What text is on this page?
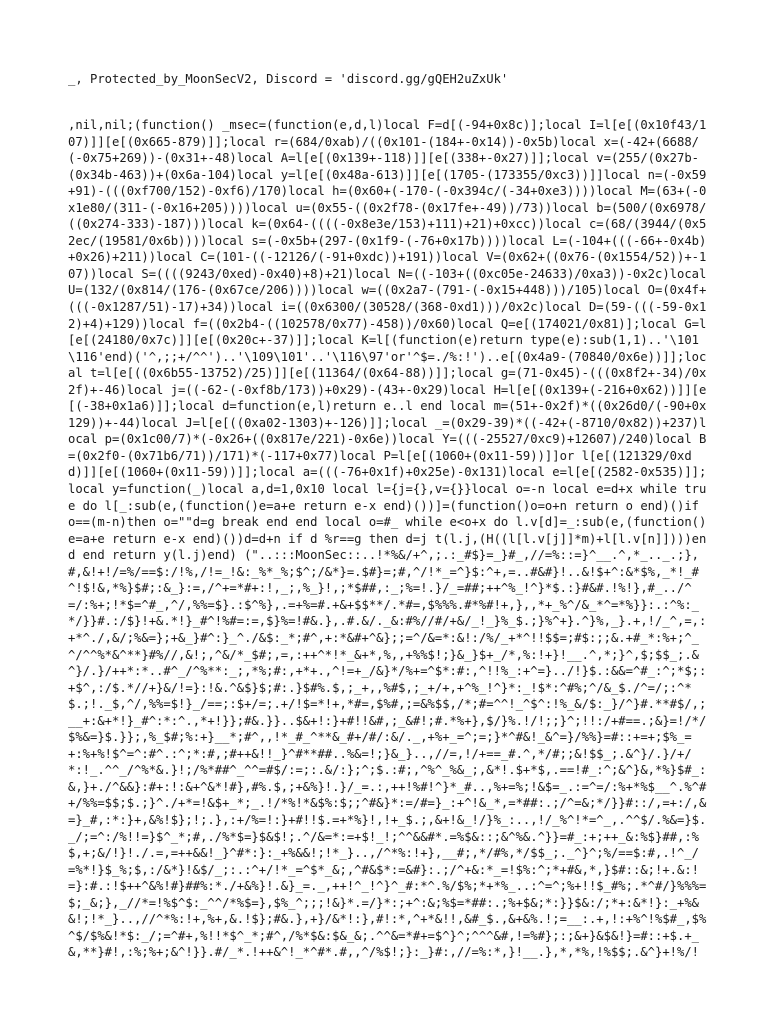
_, Protected_by_MoonSecV2, Discord = 'discord.gg/gQEH2uZxUk'
,nil,nil;(function() _msec=(function(e,d,l)local F=d[(-94+0x8c)];local I=l[e[(0x10f43/107)]][e[(0x665-879)]];local r=(684/0xab)/((0x101-(184+-0x14))-0x5b)local x=(-42+(6688/(-0x75+269))-(0x31+-48)local A=l[e[(0x139+-118)]][e[(338+-0x27)]];local v=(255/(0x27b-(0x34b-463))+(0x6a-104)local y=l[e[(0x48a-613)]][e[(1705-(173355/0xc3))]]local n=(-0x59+91)-(((0xf700/152)-0xf6)/170)local h=(0x60+(-170-(-0x394c/(-34+0xe3))))local M=(63+(-0x1e80/(311-(-0x16+205))))local u=(0x55-((0x2f78-(0x17fe+-49))/73))local b=(500/(0x6978/((0x274-333)-187)))local k=(0x64-((((-0x8e3e/153)+111)+21)+0xcc))local c=(68/(3944/(0x52ec/(19581/0x6b))))local s=(-0x5b+(297-(0x1f9-(-76+0x17b))))local L=(-104+(((-66+-0x4b)+0x26)+211))local C=(101-((-12126/(-91+0xdc))+191))local V=(0x62+((0x76-(0x1554/52))+-107))local S=((((9243/0xed)-0x40)+8)+21)local N=((-103+((0xc05e-24633)/0xa3))-0x2c)local U=(132/(0x814/(176-(0x67ce/206))))local w=((0x2a7-(791-(-0x15+448)))/105)local O=(0x4f+(((-0x1287/51)-17)+34))local i=((0x6300/(30528/(368-0xd1)))/0x2c)local D=(59-(((-59-0x12)+4)+129))local f=((0x2b4-((102578/0x77)-458))/0x60)local Q=e[(174021/0x81)];local G=l[e[(24180/0x7c)]][e[(0x20c+-37)]];local K=l[(function(e)return type(e):sub(1,1)..'\101\116'end)('^,;;+/^^')..'\109\101'..'\116\97'or'^$=./%:!')..e[(0x4a9-(70840/0x6e))]];local t=l[e[((0x6b55-13752)/25)]][e[(11364/(0x64-88))]];local g=(71-0x45)-(((0x8f2+-34)/0x2f)+-46)local j=((-62-(-0xf8b/173))+0x29)-(43+-0x29)local H=l[e[(0x139+(-216+0x62))]][e[(-38+0x1a6)]];local d=function(e,l)return e..l end local m=(51+-0x2f)*((0x26d0/(-90+0x129))+-44)local J=l[e[((0xa02-1303)+-126)]];local _=(0x29-39)*((-42+(-8710/0x82))+237)local p=(0x1c00/7)*(-0x26+((0x817e/221)-0x6e))local Y=(((-25527/0xc9)+12607)/240)local B=(0x2f0-(0x71b6/71))/171)*(-117+0x77)local P=l[e[(1060+(0x11-59))]]or l[e[(121329/0xdd)]][e[(1060+(0x11-59))]];local a=(((-76+0x1f)+0x25e)-0x131)local e=l[e[(2582-0x535)]];local y=function(_)local a,d=1,0x10 local l={j={},v={}}local o=-n local e=d+x while true do l[_:sub(e,(function()e=a+e return e-x end)())]=(function()o=o+n return o end)()if o==(m-n)then o=""d=g break end end local o=#_ while e<o+x do l.v[d]=_:sub(e,(function()e=a+e return e-x end)())d=d+n if d %r==g then d=j t(l.j,(H((l[l.v[j]]*m)+l[l.v[n]])))end end return y(l.j)end) ("..:::MoonSec::..!*%&/+^,;.:_#$}=_}#_,//=%::=}^__.^,*_.._.;},#,&!+!/=%/==$:/!%,/!=_!&:_%*_%;$^;/&*}=.$#}=;#,^/!*_=^}$:^+,=..#&#}!..&!$+^:&*$%,_*!_#^!$!&,*%}$#;:&_}:=,/^+=*#+:!,_;,%_}!,;*$##,:_;%=!.}/_=##;++^%_!^}*$.:}#&#.!%!},#_../^=/:%+;!*$=^#_,^/,%%=$}.:$^%},.=+%=#.+&+$$**/.*#=,$%%%.#*%#!+,},,*+_%^/&_*^=*%}}:.:^%:_*/}}#.:/$}!+&.*!}_#^!%#=:=,$}%=!#&.},.#.&/._&:#%//#/+&/_!_}%_$.;}%^+}.^}%,_}.+,!/_^,=,:+*^./,&/;%&=};+&_}#^:}_^./&$:_*;#^,+:*&#+^&};;=^/&=*:&!:/%/_+*^!!$$=;#$:;;&.+#_*:%+;^_^/^^%*&^**}#%//,&!;,^&/*_$#;,=,:++^*!*_&+*,%,,+%%$!;}&_}$+_/*,%:!+}!__.^,*;}^,$;$$_;.&^}/.}/++*:*..#^_/^%**:_;,*%;#:,+*+.,^!=+_/&}*/%+=^$*:#:,^!!%_:+^=}../!}$.:&&=^#_:^;*$;:+$^,:/$.*//+}&/!=}:!&.^&$}$;#:.}$#%.$,;_+,,%#$,;_+/+,+^%_!^}*:_!$*:^#%;^/&_$./^=/;:^*$.;!._$,^/,%%=$!}_/==;:$+/=;.+/!$=*!+,*#=,$%#,;=&%$$,/*;#=^^!_^$^:!%_&/$:_}/^}#.**#$/,;__+:&+*!}_#^:*:^.,*+!}};#&.}}..$&+!:}+#!!&#,;_&#!;#.*%+},$/}%.!/!;;}^;!!:/+#==.;&}=!/*/$%&=}$.}};,%_$#;%:+}__*;#^,,!*_#_^**&_#+/#/:&/._,+%+_=^;=;}*^#&!_&^=}/%%}=#::+=+;$%_=+:%+%!$^=^:#^.:^;*:#,;#++&!!_}^#**##..%&=!;}&_}..,//=,!/+==_#.^,*/#;;&!$$_;.&^}/.}/+/*:!_.^^_/^%*&.}!;/%*##^_^^=#$/:=;:.&/:};^;$.:#;,^%^_%&_;,&*!.$+*$,.==!#_:^;&^}&,*%}$#_:&,}+./^&&}:#+:!:&+^&*!#},#%.$,;+&%}!.}/_=.:,++!%#!^}*_#..,%+=%;!&$=_.:=^=/:%+*%$__^.%^#+/%%=$$;$.;}^./+*=!&$+_*;_.!/*%!*&$%:$;;^#&}*:=/#=}_:+^!&_*,=*##:.;/^=&;*/}}#::/,=+:/,&=}_#,:*:}+,&%!$};!;.},:+/%=!:}+#!!$.=+*%}!,!+_$.;,&+!&_!/}%_:..,!/_%^!*=^_,.^^$/.%&=}$._/;=^:/%!!=}$^_*;#,./%*$=}$&$!;.^/&=*:=+$!_!;^^&&#*.=%$&::;&^%&.^}}=#_:+;++_&:%$}##,:%$,+;&/!}!./.=,=++&&!_}^#*:}:_+%&&!;!*_}..,/^*%:!+},__#;,*/#%,*/$$_;._^}^;%/==$:#,.!^_/=%*!}$_%;$,:/&*}!&$/_;:.:^+/!*_=^$*_&;,^#&$*:=&#}:.;/^+&:*_=!$%:^;*+#&,*,}$#::&;!+.&:!=}:#.:!$++^&%!#}##%:*./+&%}!.&}_=._,++!^_!^}^_#:*^.%/$%;*+*%_..:^=^;%+!!$_#%;.*^#/}%%%=$;_&;},_//*=!%$^$:_^^/*%$=},$%_^;;;!&}*.=/}*:;+^:&;%$=*##:.;%+$&;*:}}$&:/;*+:&*!}:_+%&&!;!*_}..,//^*%:!+,%+,&.!$};#&.},+}/&*!:},#!:*,^+*&!!,&#_$.,&+&%.!;=__:.+,!:+%^!%$#_,$%^$/$%&!*$:_/;=^#+,%!!*$^_*;#^,/%*$&:$&_&;.^^&=*#+=$^}^;^^^&#,!=%#};:;&+}&$&!}=#::+$.+_&,**}#!,:%;%+;&^!}}.#/_*.!++&^!_*^#*.#,,^/%$!;}:_}#:,//=%:*,}!__.},*,*%,!%$$;.&^}+!%/!
